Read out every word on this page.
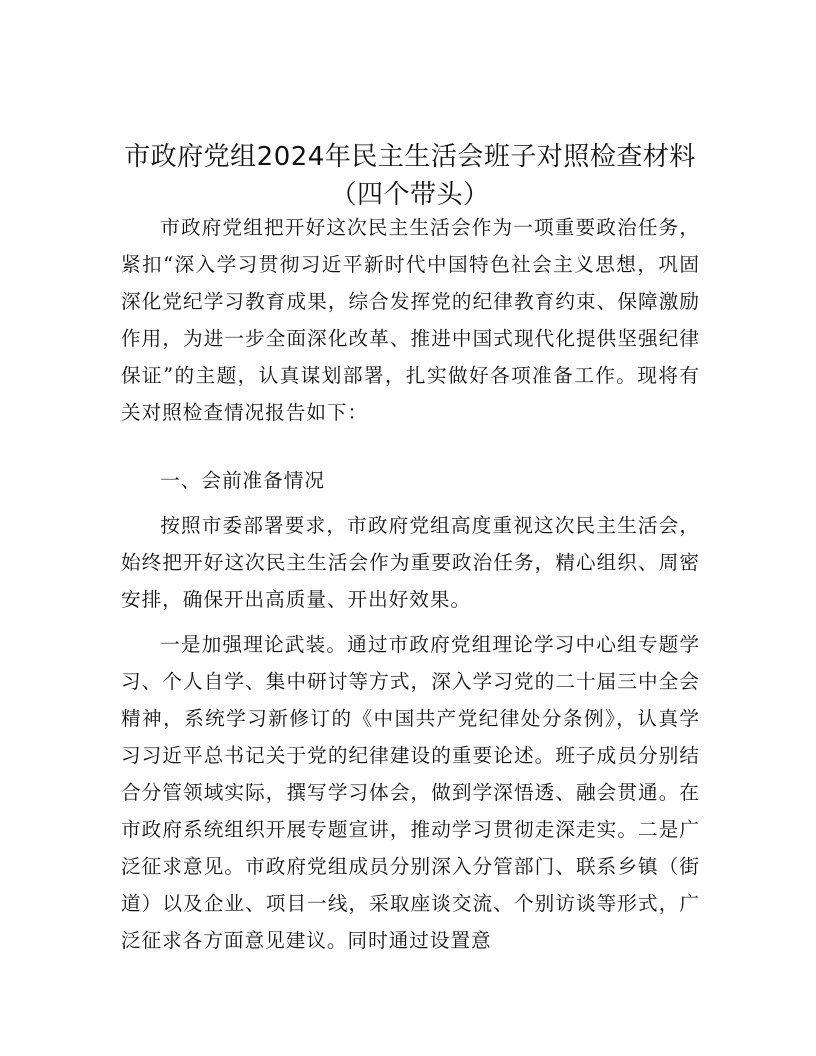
市政府党组2024年民主生活会班子对照检查材料（四个带头）

市政府党组把开好这次民主生活会作为一项重要政治任务，紧扣“深入学习贯彻习近平新时代中国特色社会主义思想，巩固深化党纪学习教育成果，综合发挥党的纪律教育约束、保障激励作用，为进一步全面深化改革、推进中国式现代化提供坚强纪律保证”的主题，认真谋划部署，扎实做好各项准备工作。现将有关对照检查情况报告如下：

一、会前准备情况

按照市委部署要求，市政府党组高度重视这次民主生活会，始终把开好这次民主生活会作为重要政治任务，精心组织、周密安排，确保开出高质量、开出好效果。

一是加强理论武装。通过市政府党组理论学习中心组专题学习、个人自学、集中研讨等方式，深入学习党的二十届三中全会精神，系统学习新修订的《中国共产党纪律处分条例》，认真学习习近平总书记关于党的纪律建设的重要论述。班子成员分别结合分管领域实际，撰写学习体会，做到学深悟透、融会贯通。在市政府系统组织开展专题宣讲，推动学习贯彻走深走实。二是广泛征求意见。市政府党组成员分别深入分管部门、联系乡镇（街道）以及企业、项目一线，采取座谈交流、个别访谈等形式，广泛征求各方面意见建议。同时通过设置意
